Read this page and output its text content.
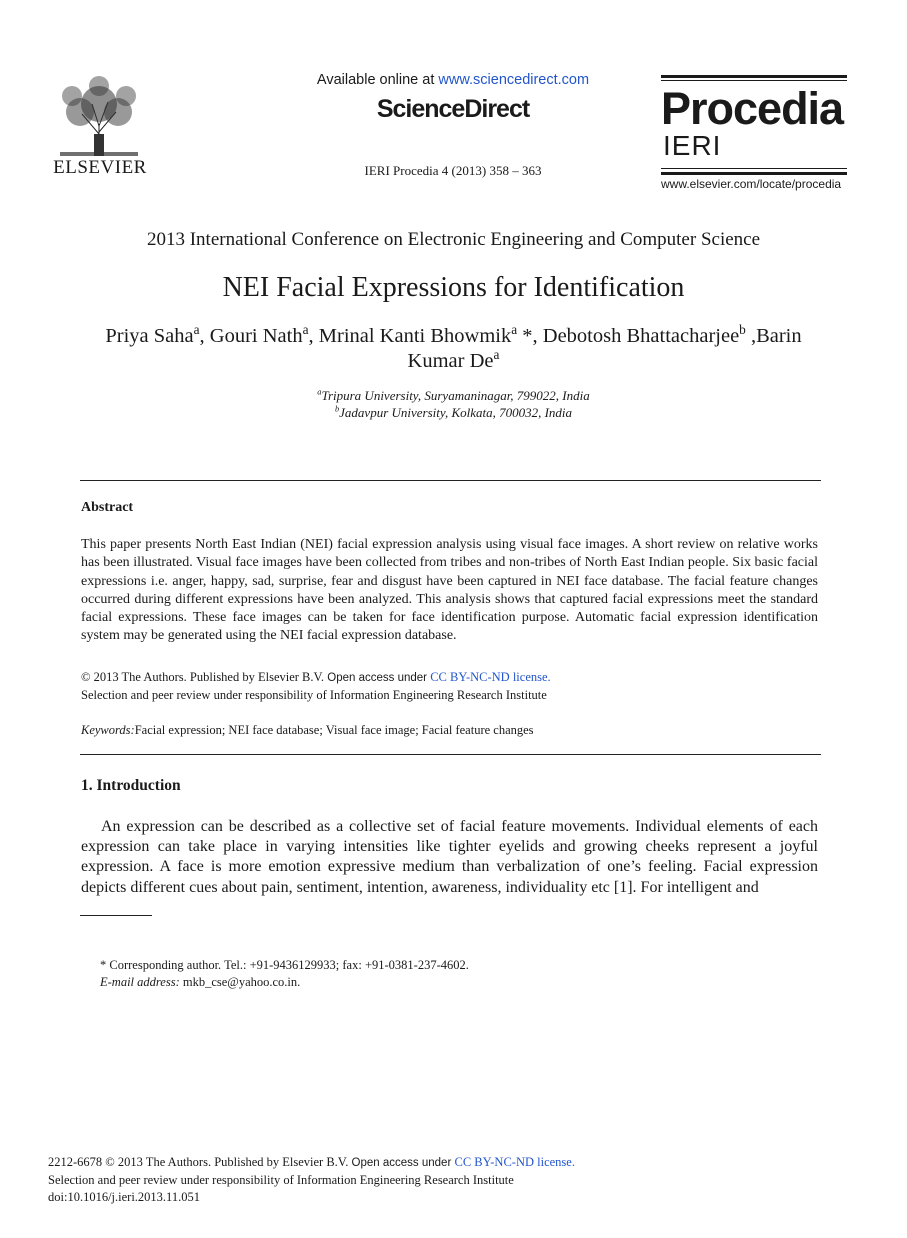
ELSEVIER
Available online at www.sciencedirect.com
ScienceDirect
IERI Procedia 4 (2013) 358 – 363
Procedia
IERI
www.elsevier.com/locate/procedia
2013 International Conference on Electronic Engineering and Computer Science
NEI Facial Expressions for Identification
Priya Saha$^a$, Gouri Nath$^a$, Mrinal Kanti Bhowmik$^a$ *, Debotosh Bhattacharjee$^b$ ,Barin Kumar De$^a$
$^a$Tripura University, Suryamaninagar, 799022, India
$^b$Jadavpur University, Kolkata, 700032, India
Abstract
This paper presents North East Indian (NEI) facial expression analysis using visual face images. A short review on relative works has been illustrated. Visual face images have been collected from tribes and non-tribes of North East Indian people. Six basic facial expressions i.e. anger, happy, sad, surprise, fear and disgust have been captured in NEI face database. The facial feature changes occurred during different expressions have been analyzed. This analysis shows that captured facial expressions meet the standard facial expressions. These face images can be taken for face identification purpose. Automatic facial expression identification system may be generated using the NEI facial expression database.
© 2013 The Authors. Published by Elsevier B.V. Open access under CC BY-NC-ND license.
Selection and peer review under responsibility of Information Engineering Research Institute
Keywords:Facial expression; NEI face database; Visual face image; Facial feature changes
1. Introduction
An expression can be described as a collective set of facial feature movements. Individual elements of each expression can take place in varying intensities like tighter eyelids and growing cheeks represent a joyful expression. A face is more emotion expressive medium than verbalization of one’s feeling. Facial expression depicts different cues about pain, sentiment, intention, awareness, individuality etc [1]. For intelligent and
* Corresponding author. Tel.: +91-9436129933; fax: +91-0381-237-4602.
E-mail address: mkb_cse@yahoo.co.in.
2212-6678 © 2013 The Authors. Published by Elsevier B.V. Open access under CC BY-NC-ND license.
Selection and peer review under responsibility of Information Engineering Research Institute
doi:10.1016/j.ieri.2013.11.051
